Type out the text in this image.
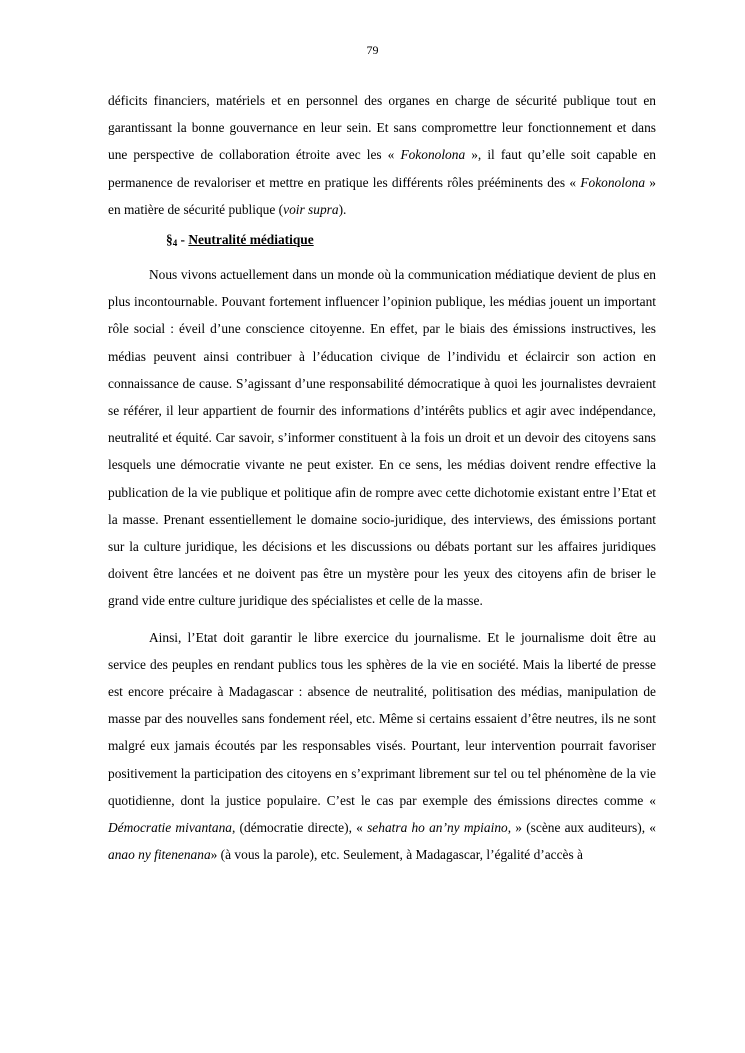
79

déficits financiers, matériels et en personnel des organes en charge de sécurité publique tout en garantissant la bonne gouvernance en leur sein. Et sans compromettre leur fonctionnement et dans une perspective de collaboration étroite avec les « Fokonolona », il faut qu’elle soit capable en permanence de revaloriser et mettre en pratique les différents rôles prééminents des « Fokonolona » en matière de sécurité publique (voir supra).

$\S_4$ - Neutralité médiatique

Nous vivons actuellement dans un monde où la communication médiatique devient de plus en plus incontournable. Pouvant fortement influencer l’opinion publique, les médias jouent un important rôle social : éveil d’une conscience citoyenne. En effet, par le biais des émissions instructives, les médias peuvent ainsi contribuer à l’éducation civique de l’individu et éclaircir son action en connaissance de cause. S’agissant d’une responsabilité démocratique à quoi les journalistes devraient se référer, il leur appartient de fournir des informations d’intérêts publics et agir avec indépendance, neutralité et équité. Car savoir, s’informer constituent à la fois un droit et un devoir des citoyens sans lesquels une démocratie vivante ne peut exister. En ce sens, les médias doivent rendre effective la publication de la vie publique et politique afin de rompre avec cette dichotomie existant entre l’Etat et la masse. Prenant essentiellement le domaine socio-juridique, des interviews, des émissions portant sur la culture juridique, les décisions et les discussions ou débats portant sur les affaires juridiques doivent être lancées et ne doivent pas être un mystère pour les yeux des citoyens afin de briser le grand vide entre culture juridique des spécialistes et celle de la masse.

Ainsi, l’Etat doit garantir le libre exercice du journalisme. Et le journalisme doit être au service des peuples en rendant publics tous les sphères de la vie en société. Mais la liberté de presse est encore précaire à Madagascar : absence de neutralité, politisation des médias, manipulation de masse par des nouvelles sans fondement réel, etc. Même si certains essaient d’être neutres, ils ne sont malgré eux jamais écoutés par les responsables visés. Pourtant, leur intervention pourrait favoriser positivement la participation des citoyens en s’exprimant librement sur tel ou tel phénomène de la vie quotidienne, dont la justice populaire. C’est le cas par exemple des émissions directes comme « Démocratie mivantana, (démocratie directe), « sehatra ho an’ny mpiaino, » (scène aux auditeurs), « anao ny fitenenana» (à vous la parole), etc. Seulement, à Madagascar, l’égalité d’accès à
